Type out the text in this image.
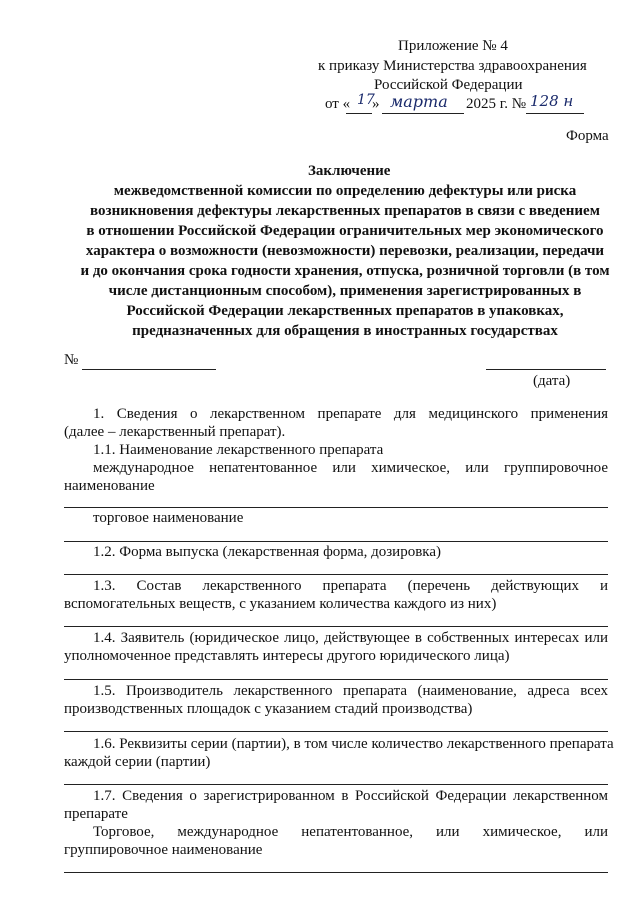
Приложение № 4
к приказу Министерства здравоохранения
Российской Федерации
от « 17
» марта 2025 г. № 128 н
Форма
Заключение
межведомственной комиссии по определению дефектуры или риска
возникновения дефектуры лекарственных препаратов в связи с введением
в отношении Российской Федерации ограничительных мер экономического
характера о возможности (невозможности) перевозки, реализации, передачи
и до окончания срока годности хранения, отпуска, розничной торговли (в том
числе дистанционным способом), применения зарегистрированных в
Российской Федерации лекарственных препаратов в упаковках,
предназначенных для обращения в иностранных государствах
№
(дата)
1. Сведения о лекарственном препарате для медицинского применения
(далее – лекарственный препарат).
1.1. Наименование лекарственного препарата
международное непатентованное или химическое, или группировочное
наименование
торговое наименование
1.2. Форма выпуска (лекарственная форма, дозировка)
1.3. Состав лекарственного препарата (перечень действующих и
вспомогательных веществ, с указанием количества каждого из них)
1.4. Заявитель (юридическое лицо, действующее в собственных интересах или
уполномоченное представлять интересы другого юридического лица)
1.5. Производитель лекарственного препарата (наименование, адреса всех
производственных площадок с указанием стадий производства)
1.6. Реквизиты серии (партии), в том числе количество лекарственного препарата
каждой серии (партии)
1.7. Сведения о зарегистрированном в Российской Федерации лекарственном
препарате
Торговое, международное непатентованное, или химическое, или
группировочное наименование
